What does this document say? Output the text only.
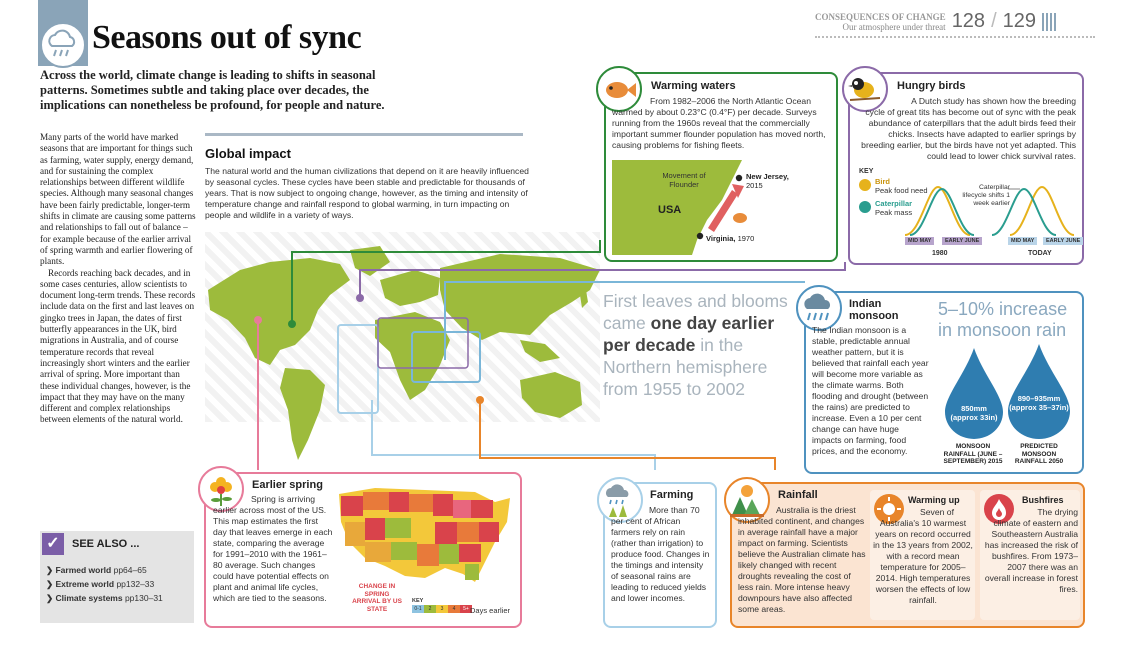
Seasons out of sync
CONSEQUENCES OF CHANGE
Our atmosphere under threat 128 / 129

Across the world, climate change is leading to shifts in seasonal patterns. Sometimes subtle and taking place over decades, the implications can nonetheless be profound, for people and nature.

Many parts of the world have marked seasons that are important for things such as farming, water supply, energy demand, and for sustaining the complex relationships between different wildlife species. Although many seasonal changes have been fairly predictable, longer-term shifts in climate are causing some patterns and relationships to fall out of balance – for example because of the earlier arrival of spring warmth and earlier flowering of plants.

Records reaching back decades, and in some cases centuries, allow scientists to document long-term trends. These records include data on the first and last leaves on gingko trees in Japan, the dates of first butterfly appearances in the UK, bird migrations in Australia, and of course temperature records that reveal increasingly short winters and the earlier arrival of spring. More important than these individual changes, however, is the impact that they may have on the many different and complex relationships between elements of the natural world.

✓	SEE ALSO ...
❯ Farmed world pp64–65
❯ Extreme world pp132–33
❯ Climate systems pp130–31
Global impact

The natural world and the human civilizations that depend on it are heavily influenced by seasonal cycles. These cycles have been stable and predictable for thousands of years. That is now subject to ongoing change, however, as the timing and intensity of temperature change and rainfall respond to global warming, in turn impacting on people and wildlife in a variety of ways.

First leaves and blooms came one day earlier per decade in the Northern hemisphere from 1955 to 2002
Warming waters

From 1982–2006 the North Atlantic Ocean warmed by about 0.23°C (0.4°F) per decade. Surveys running from the 1960s reveal that the commercially important summer flounder population has moved north, causing problems for fishing fleets.

Movement of Flounder
USA
New Jersey,
2015
Virginia, 1970
Hungry birds

A Dutch study has shown how the breeding cycle of great tits has become out of sync with the peak abundance of caterpillars that the adult birds feed their chicks. Insects have adapted to earlier springs by breeding earlier, but the birds have not yet adapted. This could lead to lower chick survival rates.

KEY
Bird
Peak food need
Caterpillar
Peak mass
Caterpillar lifecycle shifts 1 week earlier
MID MAY	EARLY JUNE	MID MAY	EARLY JUNE
1980	TODAY
Indian monsoon

The Indian monsoon is a stable, predictable annual weather pattern, but it is believed that rainfall each year will become more variable as the climate warms. Both flooding and drought (between the rains) are predicted to increase. Even a 10 per cent change can have huge impacts on farming, food prices, and the economy.

5–10% increase in monsoon rain
850mm
(approx 33in)
890–935mm
(approx 35–37in)
MONSOON RAINFALL (JUNE –SEPTEMBER) 2015
PREDICTED MONSOON RAINFALL 2050
Earlier spring

Spring is arriving earlier across most of the US. This map estimates the first day that leaves emerge in each state, comparing the average for 1991–2010 with the 1961–80 average. Such changes could have potential effects on plant and animal life cycles, which are tied to the seasons.

CHANGE IN SPRING ARRIVAL BY US STATE
KEY
0-1	2	3	4	5+ Days earlier
Farming

More than 70 per cent of African farmers rely on rain (rather than irrigation) to produce food. Changes in the timings and intensity of seasonal rains are leading to reduced yields and lower incomes.

Rainfall

Australia is the driest inhabited continent, and changes in average rainfall have a major impact on farming. Scientists believe the Australian climate has likely changed with recent droughts revealing the cost of less rain. More intense heavy downpours have also affected some areas.

Warming up

Seven of Australia's 10 warmest years on record occurred in the 13 years from 2002, with a record mean temperature for 2005–2014. High temperatures worsen the effects of low rainfall.

Bushfires

The drying climate of eastern and Southeastern Australia has increased the risk of bushfires. From 1973–2007 there was an overall increase in forest fires.
